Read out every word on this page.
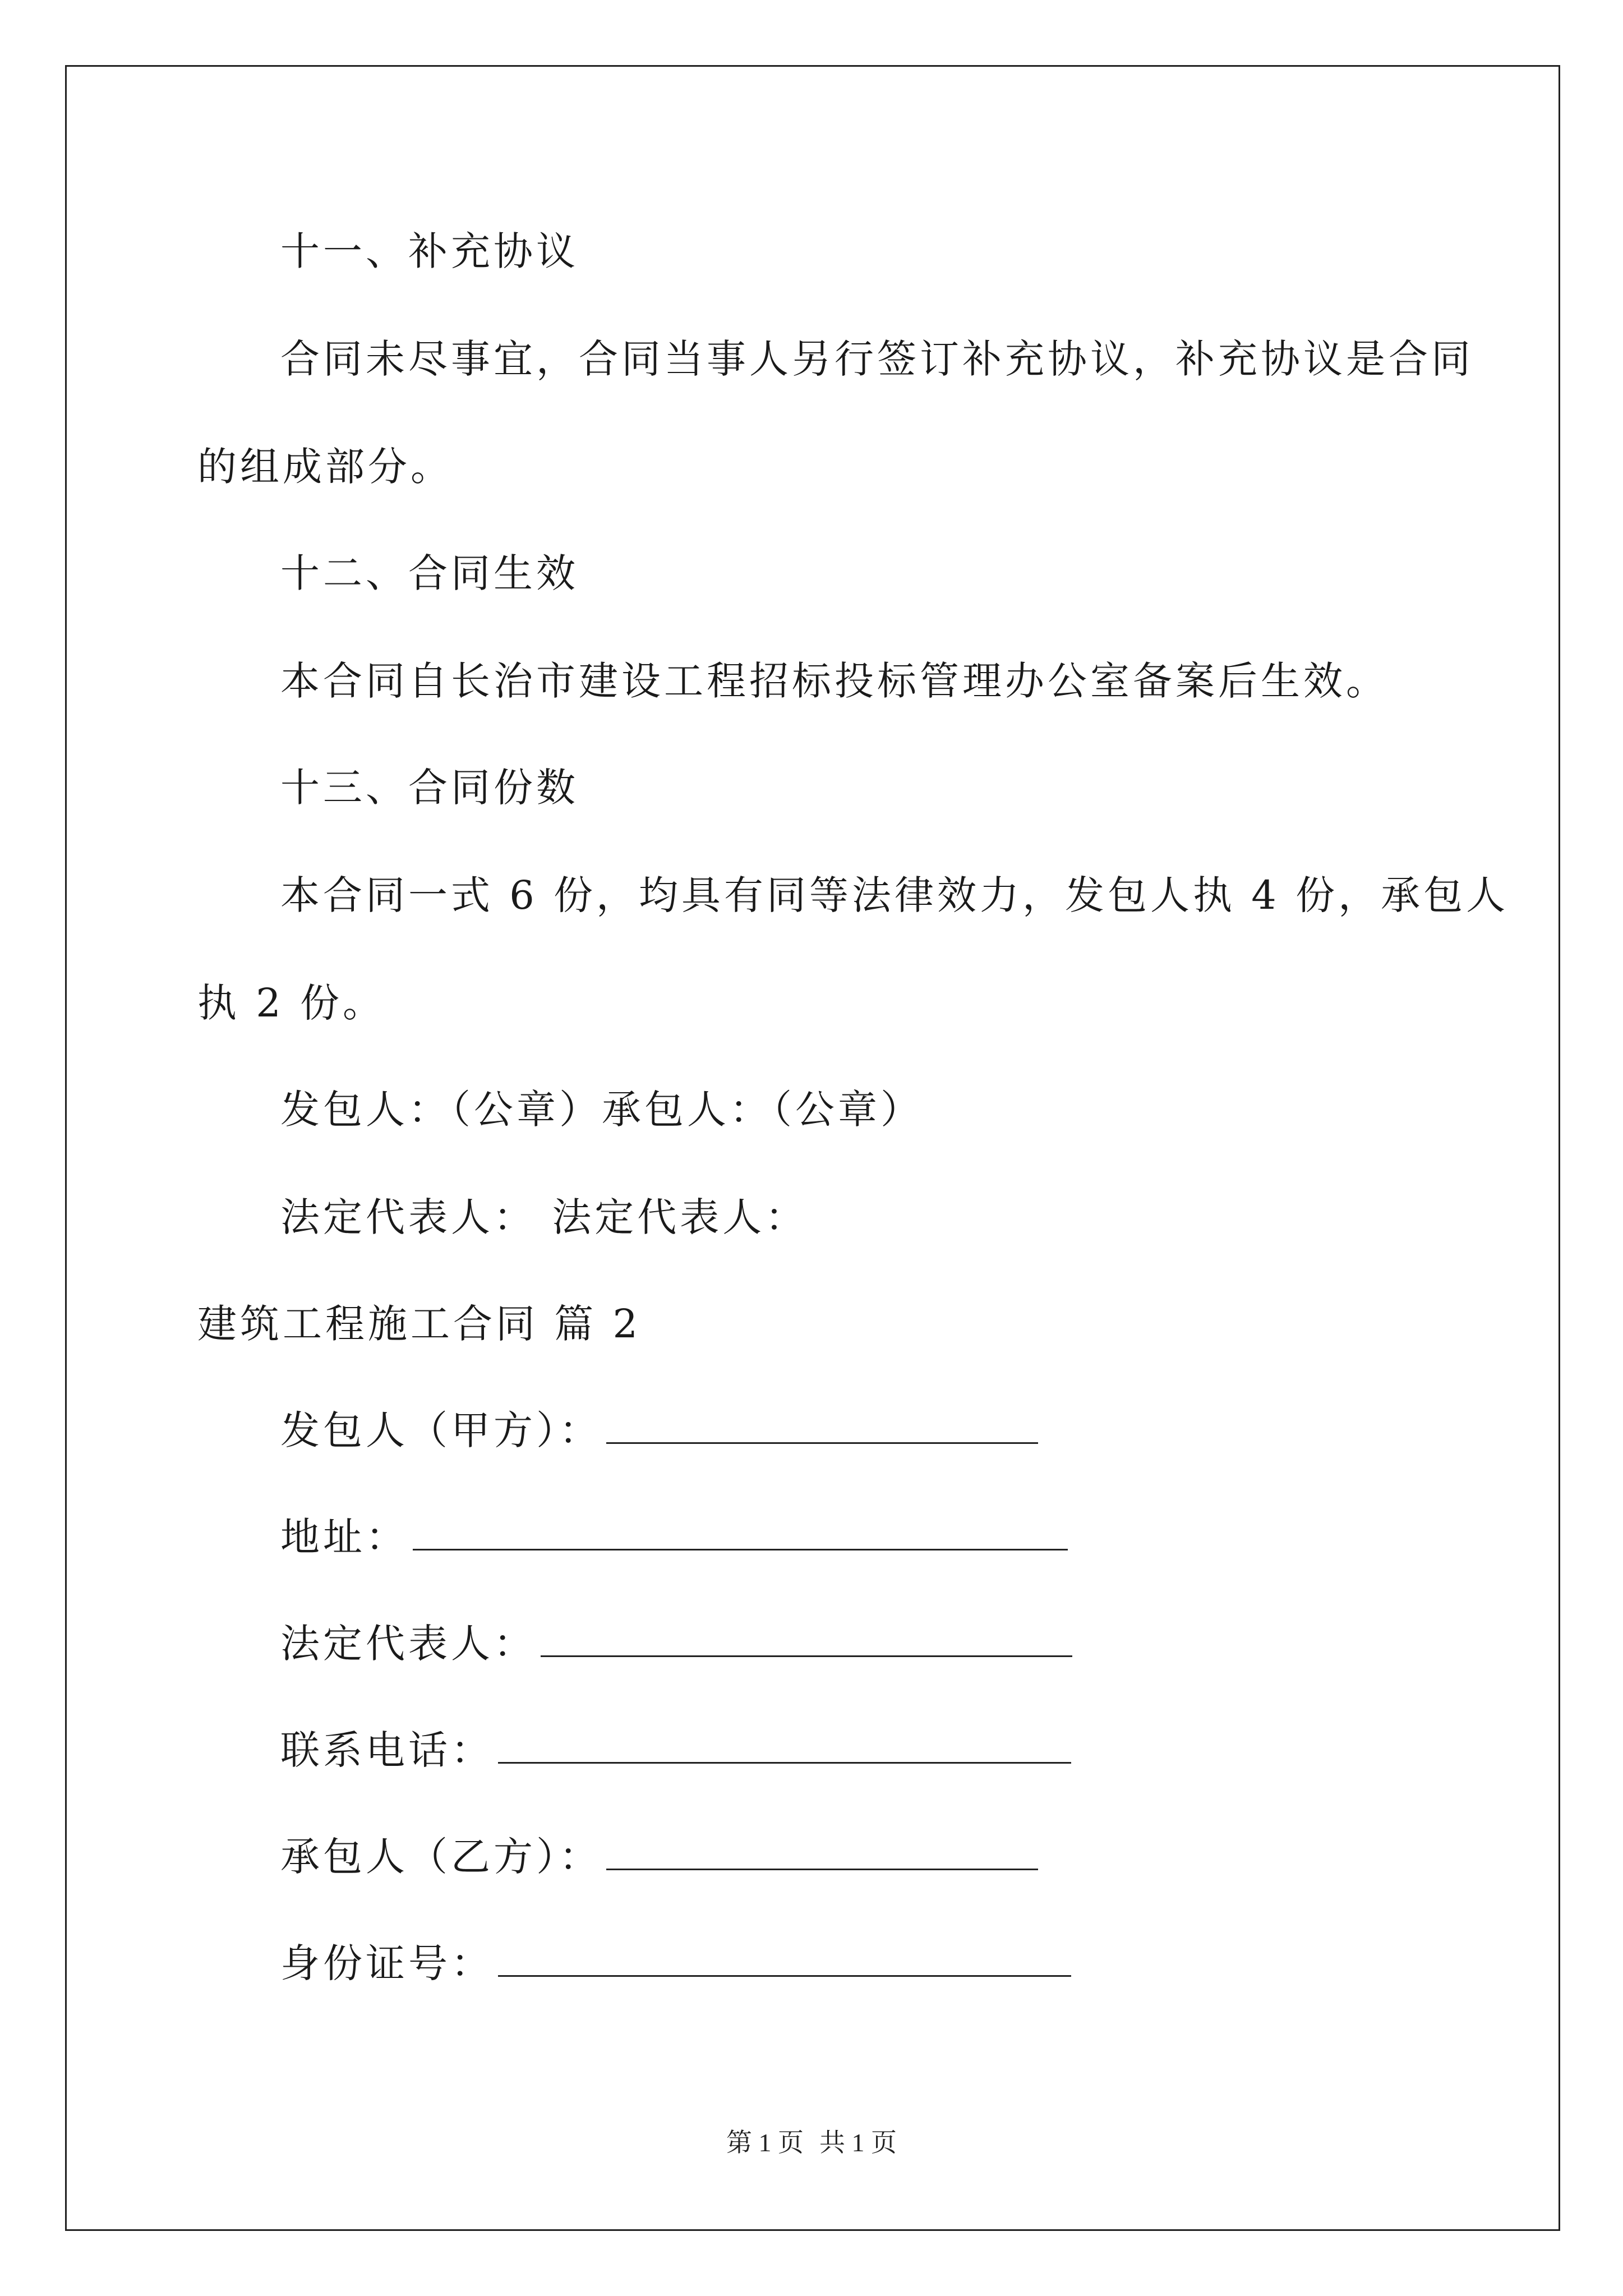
十一、补充协议
合同未尽事宜，合同当事人另行签订补充协议，补充协议是合同
的组成部分。
十二、合同生效
本合同自长治市建设工程招标投标管理办公室备案后生效。
十三、合同份数
本合同一式 6 份，均具有同等法律效力，发包人执 4 份，承包人
执 2 份。
发包人：（公章）承包人：（公章）
法定代表人： 法定代表人：
建筑工程施工合同 篇 2
发包人（甲方）：
地址：
法定代表人：
联系电话：
承包人（乙方）：
身份证号：
第 1 页 共 1 页
